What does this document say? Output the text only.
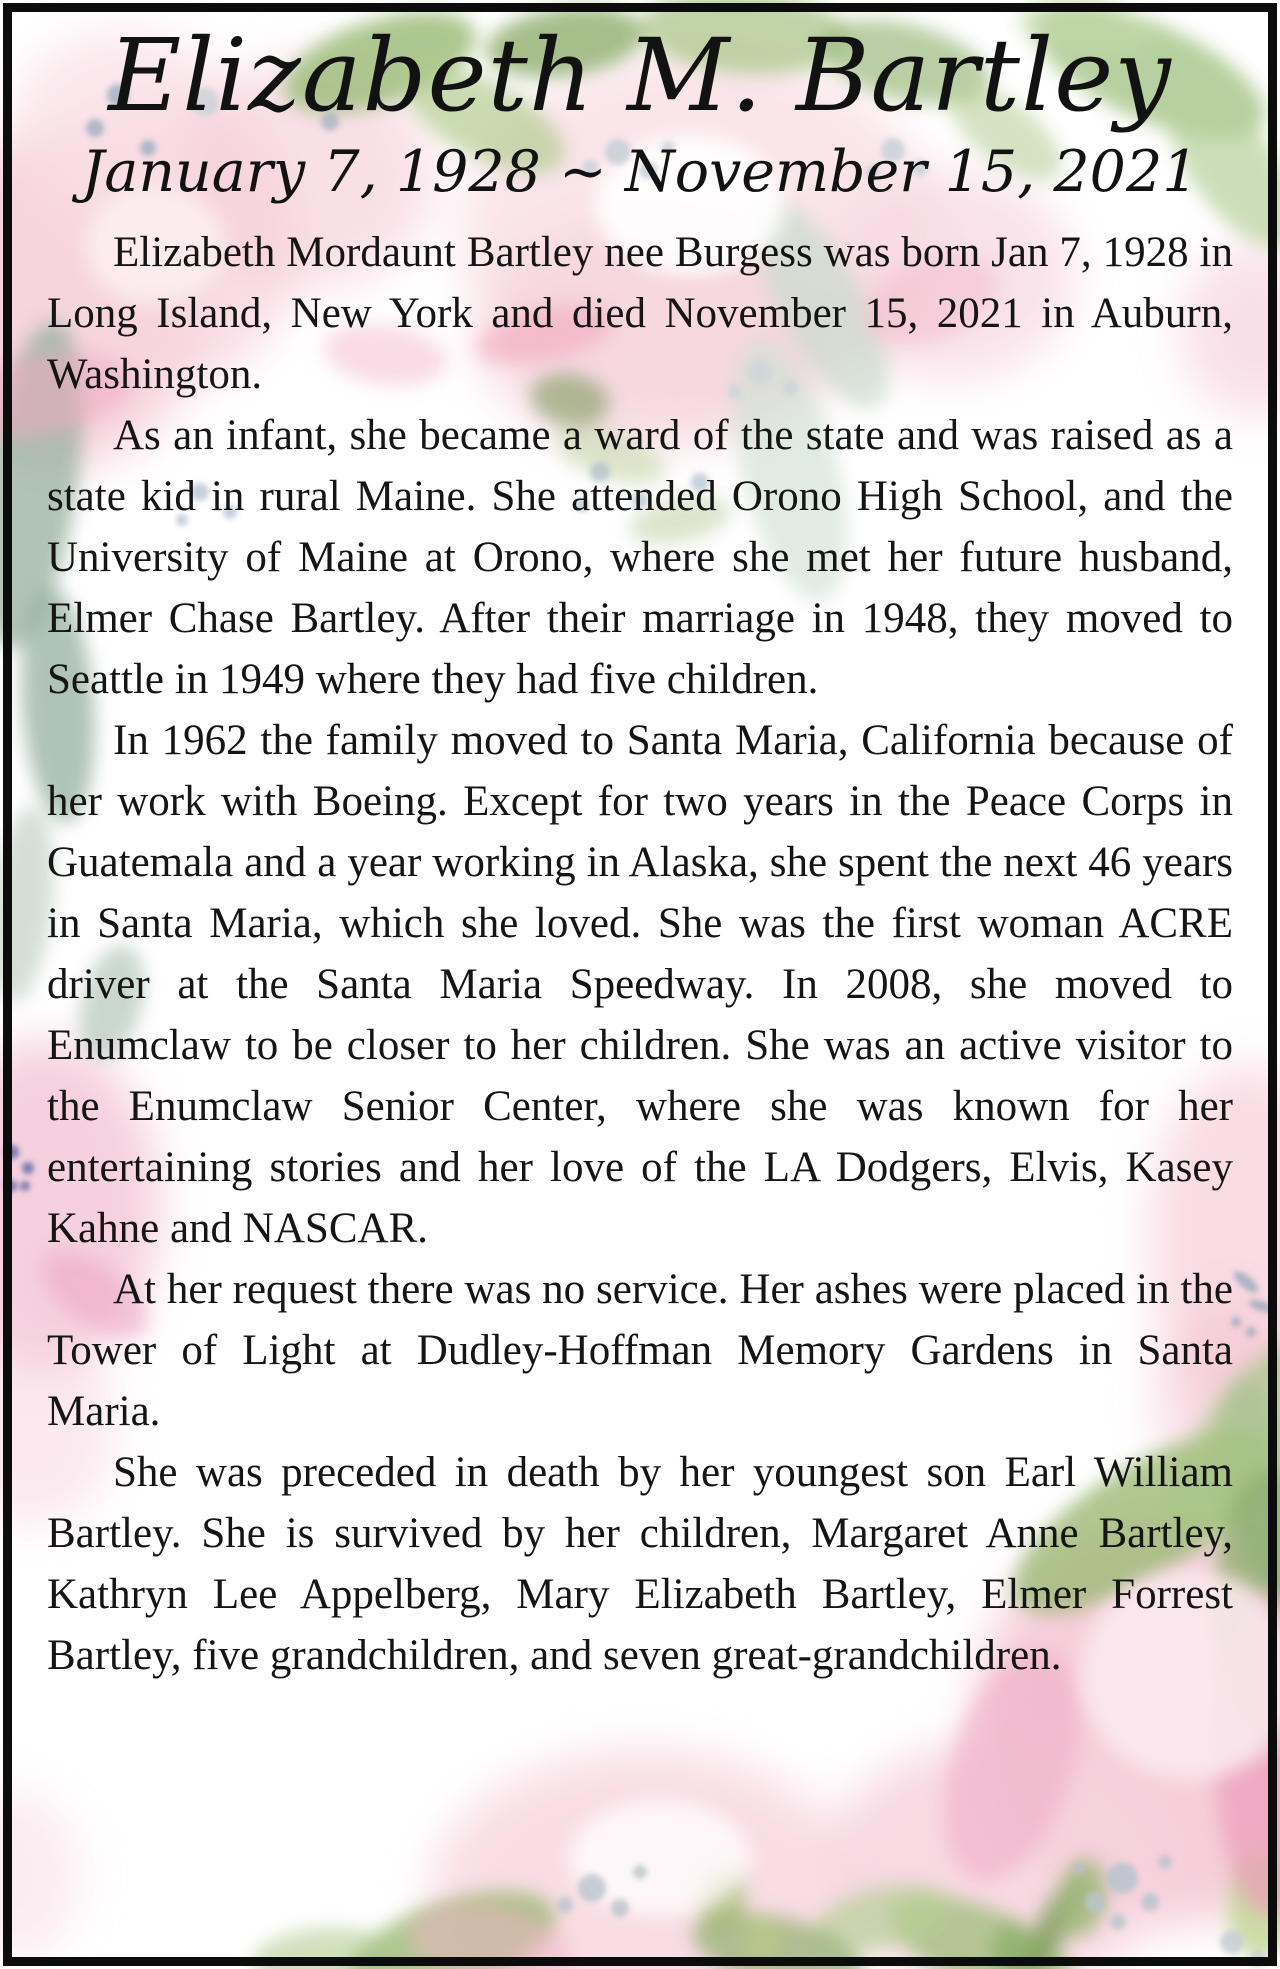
Elizabeth M. Bartley
January 7, 1928 ~ November 15, 2021

Elizabeth Mordaunt Bartley nee Burgess was born Jan 7, 1928 in Long Island, New York and died November 15, 2021 in Auburn, Washington.

As an infant, she became a ward of the state and was raised as a state kid in rural Maine. She attended Orono High School, and the University of Maine at Orono, where she met her future husband, Elmer Chase Bartley. After their marriage in 1948, they moved to Seattle in 1949 where they had five children.

In 1962 the family moved to Santa Maria, California because of her work with Boeing. Except for two years in the Peace Corps in Guatemala and a year working in Alaska, she spent the next 46 years in Santa Maria, which she loved. She was the first woman ACRE driver at the Santa Maria Speedway. In 2008, she moved to Enumclaw to be closer to her children. She was an active visitor to the Enumclaw Senior Center, where she was known for her entertaining stories and her love of the LA Dodgers, Elvis, Kasey Kahne and NASCAR.

At her request there was no service. Her ashes were placed in the Tower of Light at Dudley-Hoffman Memory Gardens in Santa Maria.

She was preceded in death by her youngest son Earl William Bartley. She is survived by her children, Margaret Anne Bartley, Kathryn Lee Appelberg, Mary Elizabeth Bartley, Elmer Forrest Bartley, five grandchildren, and seven great-grandchildren.
